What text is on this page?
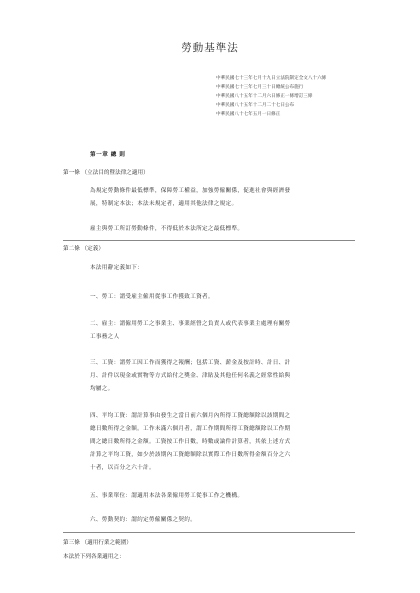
勞動基準法
中華民國七十三年七月十九日立法院制定全文八十六條
中華民國七十三年七月三十日總統公布施行
中華民國八十五年十二月六日修正一條增訂三條
中華民國八十五年十二月二十七日公布
中華民國八十七年五月一日修正
第一章 總 則
第一條 （立法目的暨法律之適用）
為規定勞動條件最低標準，保障勞工權益，加強勞僱關係，促進社會與經濟發
展，特制定本法；本法未規定者，適用其他法律之規定。
雇主與勞工所訂勞動條件，不得低於本法所定之最低標準。
第二條 （定義）
本法用辭定義如下：
一、勞工：謂受雇主僱用從事工作獲致工資者。
二、雇主：謂僱用勞工之事業主、事業經營之負責人或代表事業主處理有關勞
工事務之人
三、工資：謂勞工因工作而獲得之報酬；包括工資、薪金及按計時、計日、計
月、計件以現金或實物等方式給付之獎金、津貼及其他任何名義之經常性給與
均屬之。
四、平均工資：謂計算事由發生之當日前六個月內所得工資總額除以該期間之
總日數所得之金額。工作未滿六個月者，謂工作期間所得工資總額除以工作期
間之總日數所得之金額。工資按工作日數，時數或論件計算者，其依上述方式
計算之平均工資，如少於該期內工資總額除以實際工作日數所得金額百分之六
十者，以百分之六十計。
五、事業單位：謂適用本法各業僱用勞工從事工作之機構。
六、勞動契約：謂約定勞僱關係之契約。
第三條 （適用行業之範圍）
本法於下列各業適用之：
